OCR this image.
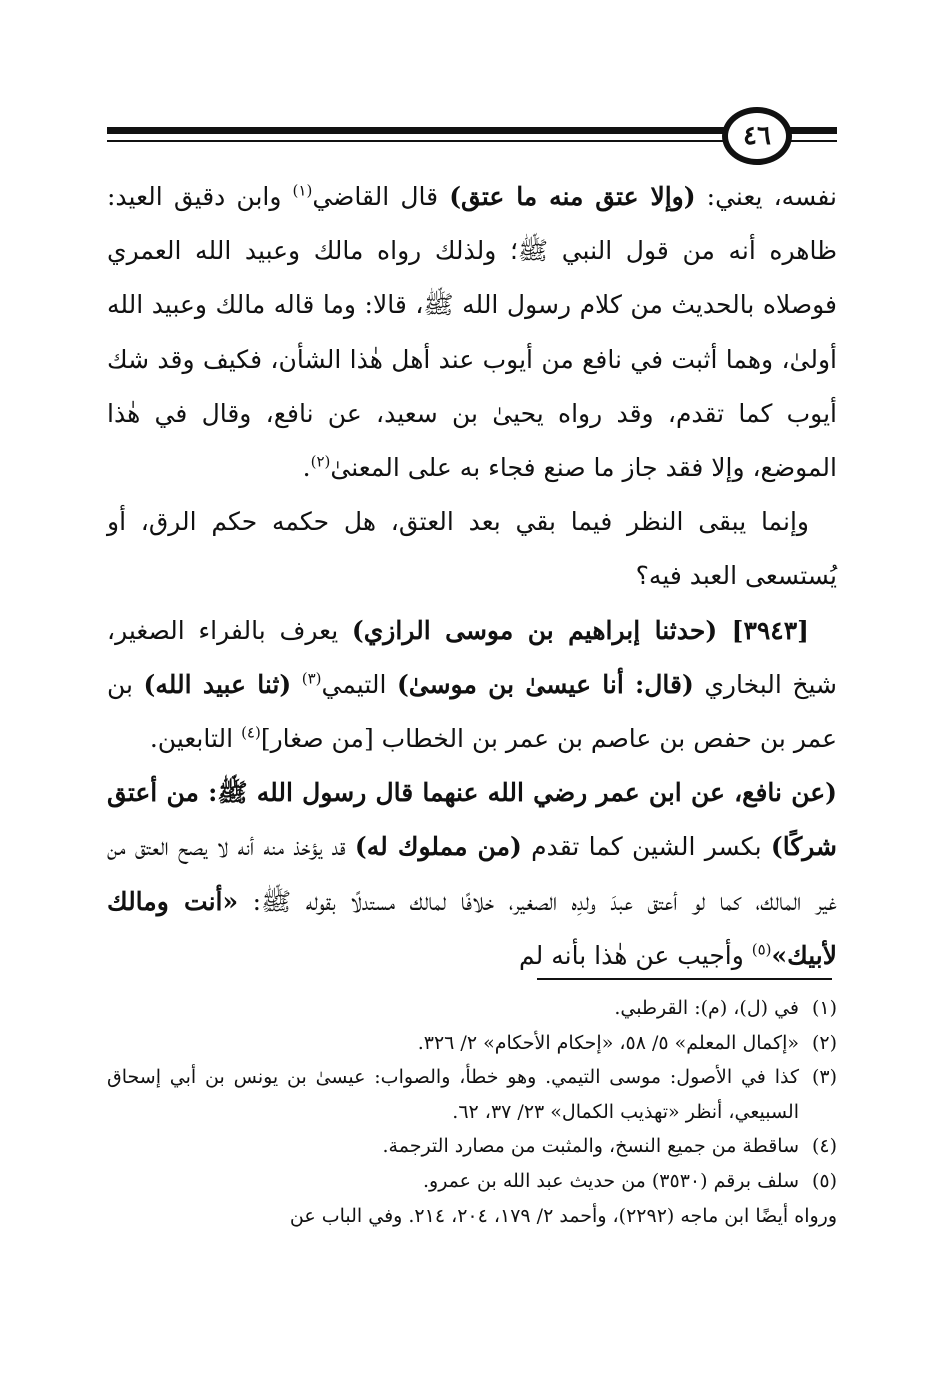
٤٦

نفسه، يعني: (وإلا عتق منه ما عتق) قال القاضي$^{(١)}$ وابن دقيق العيد: ظاهره أنه من قول النبي ﷺ؛ ولذلك رواه مالك وعبيد الله العمري فوصلاه بالحديث من كلام رسول الله ﷺ، قالا: وما قاله مالك وعبيد الله أولىٰ، وهما أثبت في نافع من أيوب عند أهل هٰذا الشأن، فكيف وقد شك أيوب كما تقدم، وقد رواه يحيىٰ بن سعيد، عن نافع، وقال في هٰذا الموضع، وإلا فقد جاز ما صنع فجاء به على المعنىٰ$^{(٢)}$.

وإنما يبقى النظر فيما بقي بعد العتق، هل حكمه حكم الرق، أو يُستسعى العبد فيه؟

[٣٩٤٣] (حدثنا إبراهيم بن موسى الرازي) يعرف بالفراء الصغير، شيخ البخاري (قال: أنا عيسىٰ بن موسىٰ) التيمي$^{(٣)}$ (ثنا عبيد الله) بن عمر بن حفص بن عاصم بن عمر بن الخطاب [من صغار]$^{(٤)}$ التابعين.

(عن نافع، عن ابن عمر رضي الله عنهما قال رسول الله ﷺ: من أعتق شركًا) بكسر الشين كما تقدم (من مملوك له) قد يؤخذ منه أنه لا يصح العتق من غير المالك، كما لو أعتق عبدَ ولدِه الصغير، خلافًا لمالك مستدلًا بقوله ﷺ: «أنت ومالك لأبيك»$^{(٥)}$ وأجيب عن هٰذا بأنه لم

(١)
في (ل)، (م): القرطبي.
(٢)
«إكمال المعلم» ٥/ ٥٨، «إحكام الأحكام» ٢/ ٣٢٦.
(٣)
كذا في الأصول: موسى التيمي. وهو خطأ، والصواب: عيسىٰ بن يونس بن أبي إسحاق السبيعي، أنظر «تهذيب الكمال» ٢٣/ ٣٧، ٦٢.
(٤)
ساقطة من جميع النسخ، والمثبت من مصارد الترجمة.
(٥)
سلف برقم (٣٥٣٠) من حديث عبد الله بن عمرو.

ورواه أيضًا ابن ماجه (٢٢٩٢)، وأحمد ٢/ ١٧٩، ٢٠٤، ٢١٤. وفي الباب عن
